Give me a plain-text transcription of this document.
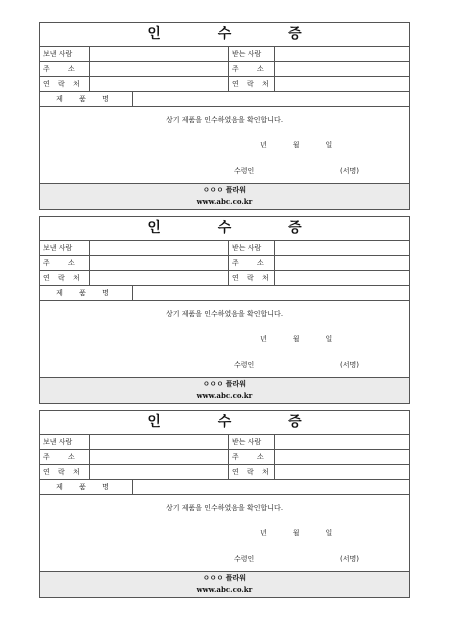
인 수 증
보낸 사람	받는 사람
주 소	주 소
연 락 처	연 락 처
제 품 명
상기 제품을 인수하였음을 확인합니다.
년	월	일
수령인	(서명)
ㅇㅇㅇ 플라워
www.abc.co.kr
인 수 증
보낸 사람	받는 사람
주 소	주 소
연 락 처	연 락 처
제 품 명
상기 제품을 인수하였음을 확인합니다.
년	월	일
수령인	(서명)
ㅇㅇㅇ 플라워
www.abc.co.kr
인 수 증
보낸 사람	받는 사람
주 소	주 소
연 락 처	연 락 처
제 품 명
상기 제품을 인수하였음을 확인합니다.
년	월	일
수령인	(서명)
ㅇㅇㅇ 플라워
www.abc.co.kr
